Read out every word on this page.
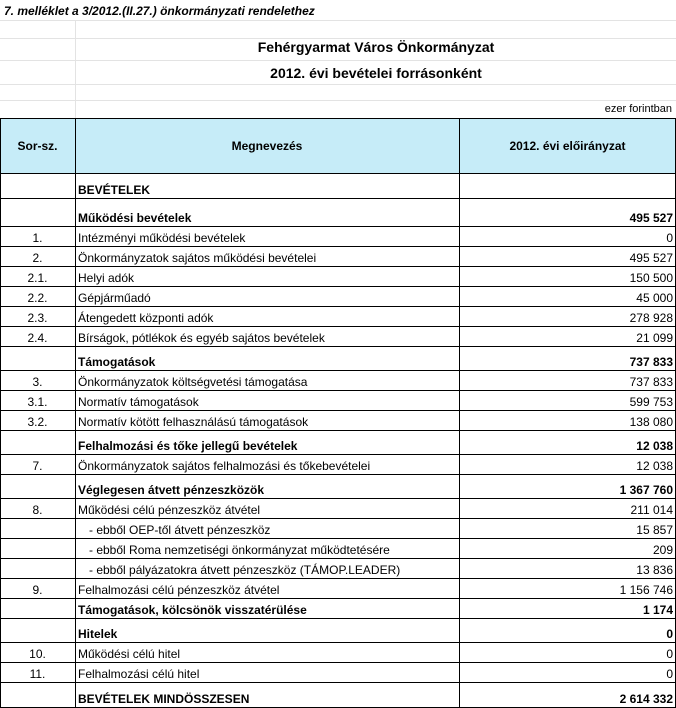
7. melléklet a 3/2012.(II.27.) önkormányzati rendelethez
Fehérgyarmat Város Önkormányzat
2012. évi bevételei forrásonként
ezer forintban
Sor-sz.	Megnevezés	2012. évi előirányzat
BEVÉTELEK
Működési bevételek	495 527
1.	Intézményi működési bevételek	0
2.	Önkormányzatok sajátos működési bevételei	495 527
2.1.	Helyi adók	150 500
2.2.	Gépjárműadó	45 000
2.3.	Átengedett központi adók	278 928
2.4.	Bírságok, pótlékok és egyéb sajátos bevételek	21 099
Támogatások	737 833
3.	Önkormányzatok költségvetési támogatása	737 833
3.1.	Normatív támogatások	599 753
3.2.	Normatív kötött felhasználású támogatások	138 080
Felhalmozási és tőke jellegű bevételek	12 038
7.	Önkormányzatok sajátos felhalmozási és tőkebevételei	12 038
Véglegesen átvett pénzeszközök	1 367 760
8.	Működési célú pénzeszköz átvétel	211 014
- ebből OEP-től átvett pénzeszköz	15 857
- ebből Roma nemzetiségi önkormányzat működtetésére	209
- ebből pályázatokra átvett pénzeszköz (TÁMOP.LEADER)	13 836
9.	Felhalmozási célú pénzeszköz átvétel	1 156 746
Támogatások, kölcsönök visszatérülése	1 174
Hitelek	0
10.	Működési célú hitel	0
11.	Felhalmozási célú hitel	0
BEVÉTELEK MINDÖSSZESEN	2 614 332
